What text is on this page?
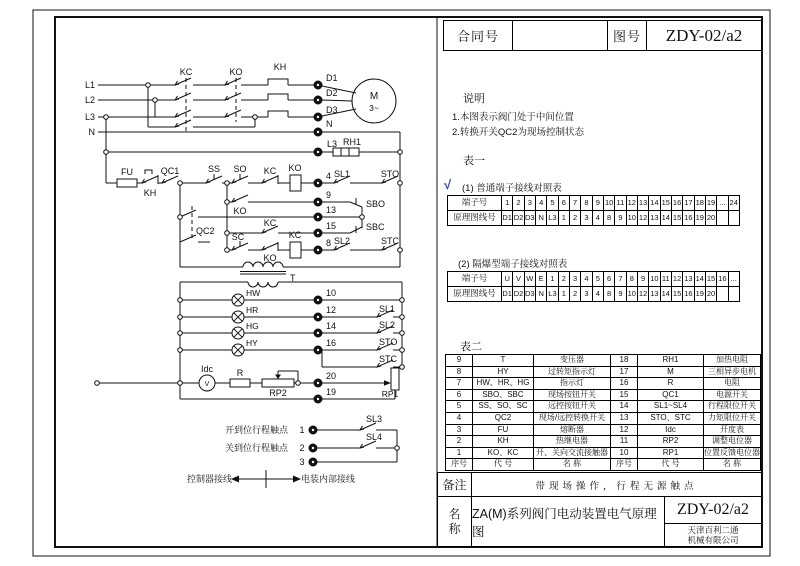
L1
L2
L3
N
KC	KO	KH
D1
D2
D3
M
3~
N
L3 RH1
FU
KH
QC1	SS SO KC KO
4 SL1	STO
KO
9
SBO
QC2
13
KC	15	SBC
SC
KO
KC
8 SL2	STC
T
HW
HR
HG
HY
10
12
14
16
SL1
SL2
STO
STC
Idc
V
R
RP2
20
19	RP1
开到位行程触点
关到位行程触点
1
2
3
SL3
SL4
控制器接线	电装内部接线
合同号	图号	ZDY-02/a2
说明
1.本图表示阀门处于中间位置
2.转换开关QC2为现场控制状态
表一
√ (1) 普通端子接线对照表
端子号	1 2 3 4 5 6 7 8 9 10 11 12 13 14 15 16 17 18 19 ... 24
原理图线号 D1 D2 D3 N L3 1 2 3 4 8 9 10 12 13 14 15 16 19 20
(2) 隔爆型端子接线对照表
端子号	U V W E 1 2 3 4 5 6 7 8 9 10 11 12 13 14 15 16 ...
原理图线号 D1 D2 D3 N L3 1 2 3 4 8 9 10 12 13 14 15 16 19 20
表二
9	T	变压器	18	RH1	加热电阻
8	HY	过转矩指示灯	17	M	三相异步电机
7	HW、HR、HG	指示灯	16	R	电阻
6	SBO、SBC	现场按钮开关	15	QC1	电源开关
5	SS、SO、SC	远控按钮开关	14	SL1~SL4	行程限位开关
4	QC2	现场/远控转换开关	13	STO、STC	力矩限位开关
3	FU	熔断器	12	Idc	开度表
2	KH	热继电器	11	RP2	调整电位器
1	KO、KC	开、关向交流接触器	10	RP1	位置反馈电位器
序号	代 号	名 称	序号	代 号	名 称
备注	带现场操作，行程无源触点
名
称
ZA(M)系列阀门电动装置电气原理图
ZDY-02/a2
天津百利二通
机械有限公司
